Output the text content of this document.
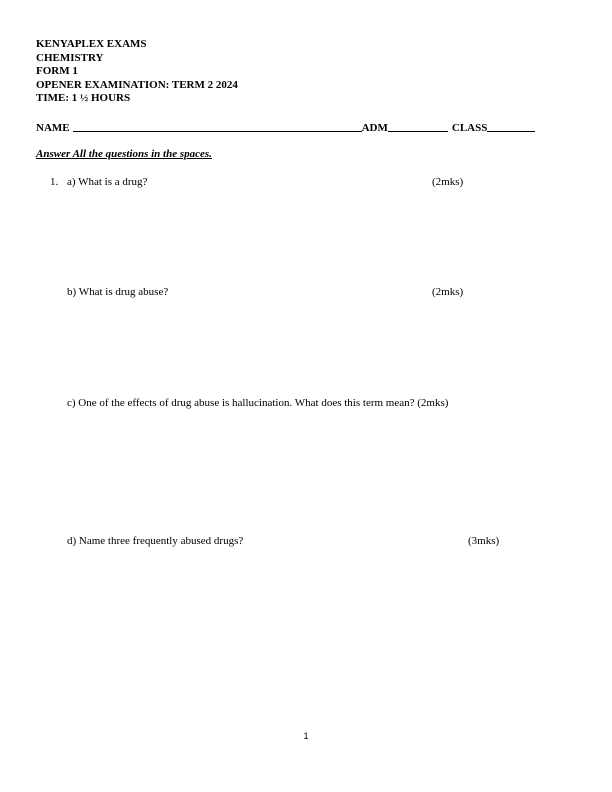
KENYAPLEX EXAMS
CHEMISTRY
FORM 1
OPENER EXAMINATION: TERM 2 2024
TIME: 1 ½ HOURS
NAME	ADM	CLASS
Answer All the questions in the spaces.
1. a) What is a drug?	(2mks)
b) What is drug abuse?	(2mks)
c) One of the effects of drug abuse is hallucination. What does this term mean? (2mks)
d) Name three frequently abused drugs?	(3mks)
1
